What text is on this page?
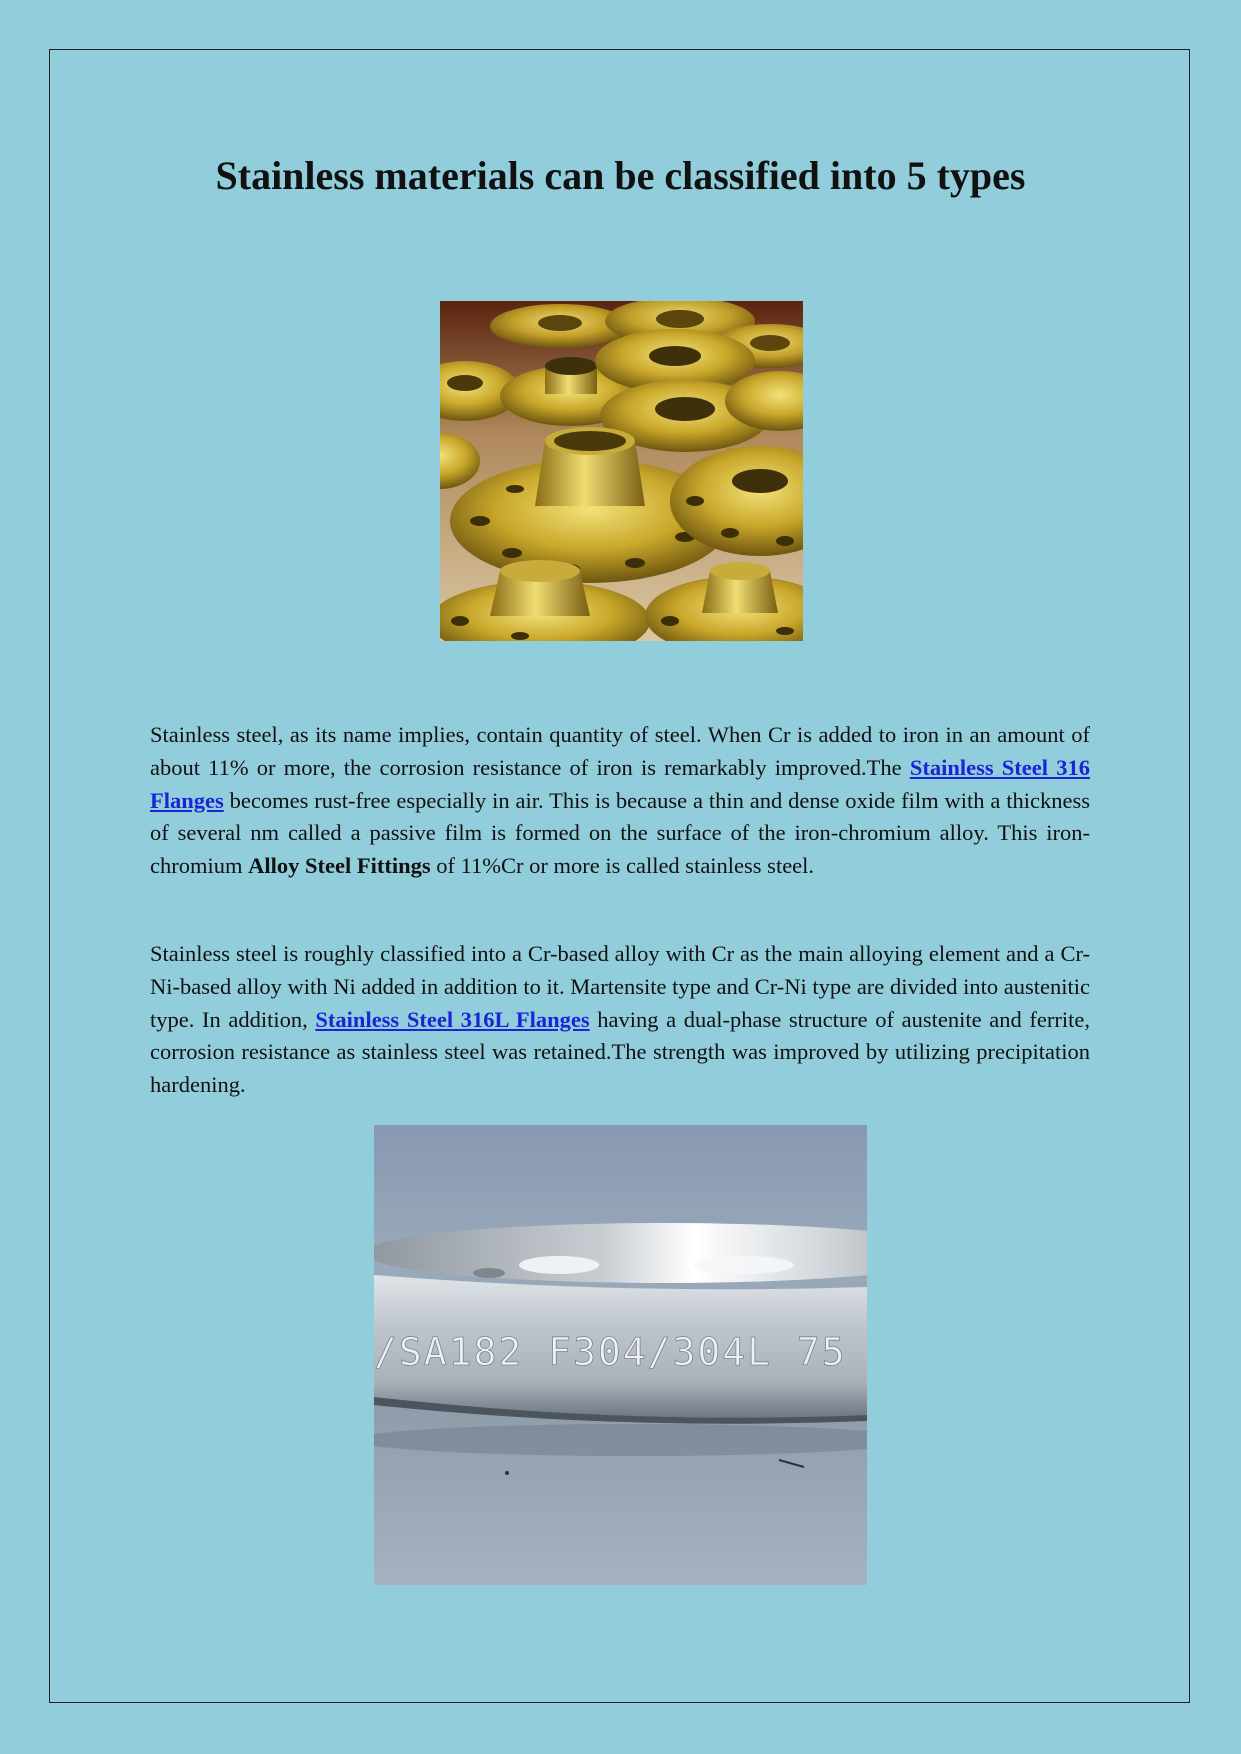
Stainless materials can be classified into 5 types

Stainless steel, as its name implies, contain quantity of steel. When Cr is added to iron in an amount of about 11% or more, the corrosion resistance of iron is remarkably improved.The Stainless Steel 316 Flanges becomes rust-free especially in air. This is because a thin and dense oxide film with a thickness of several nm called a passive film is formed on the surface of the iron-chromium alloy. This iron-chromium Alloy Steel Fittings of 11%Cr or more is called stainless steel.

Stainless steel is roughly classified into a Cr-based alloy with Cr as the main alloying element and a Cr-Ni-based alloy with Ni added in addition to it. Martensite type and Cr-Ni type are divided into austenitic type. In addition, Stainless Steel 316L Flanges having a dual-phase structure of austenite and ferrite, corrosion resistance as stainless steel was retained.The strength was improved by utilizing precipitation hardening.

/SA182 F304/304L 75
